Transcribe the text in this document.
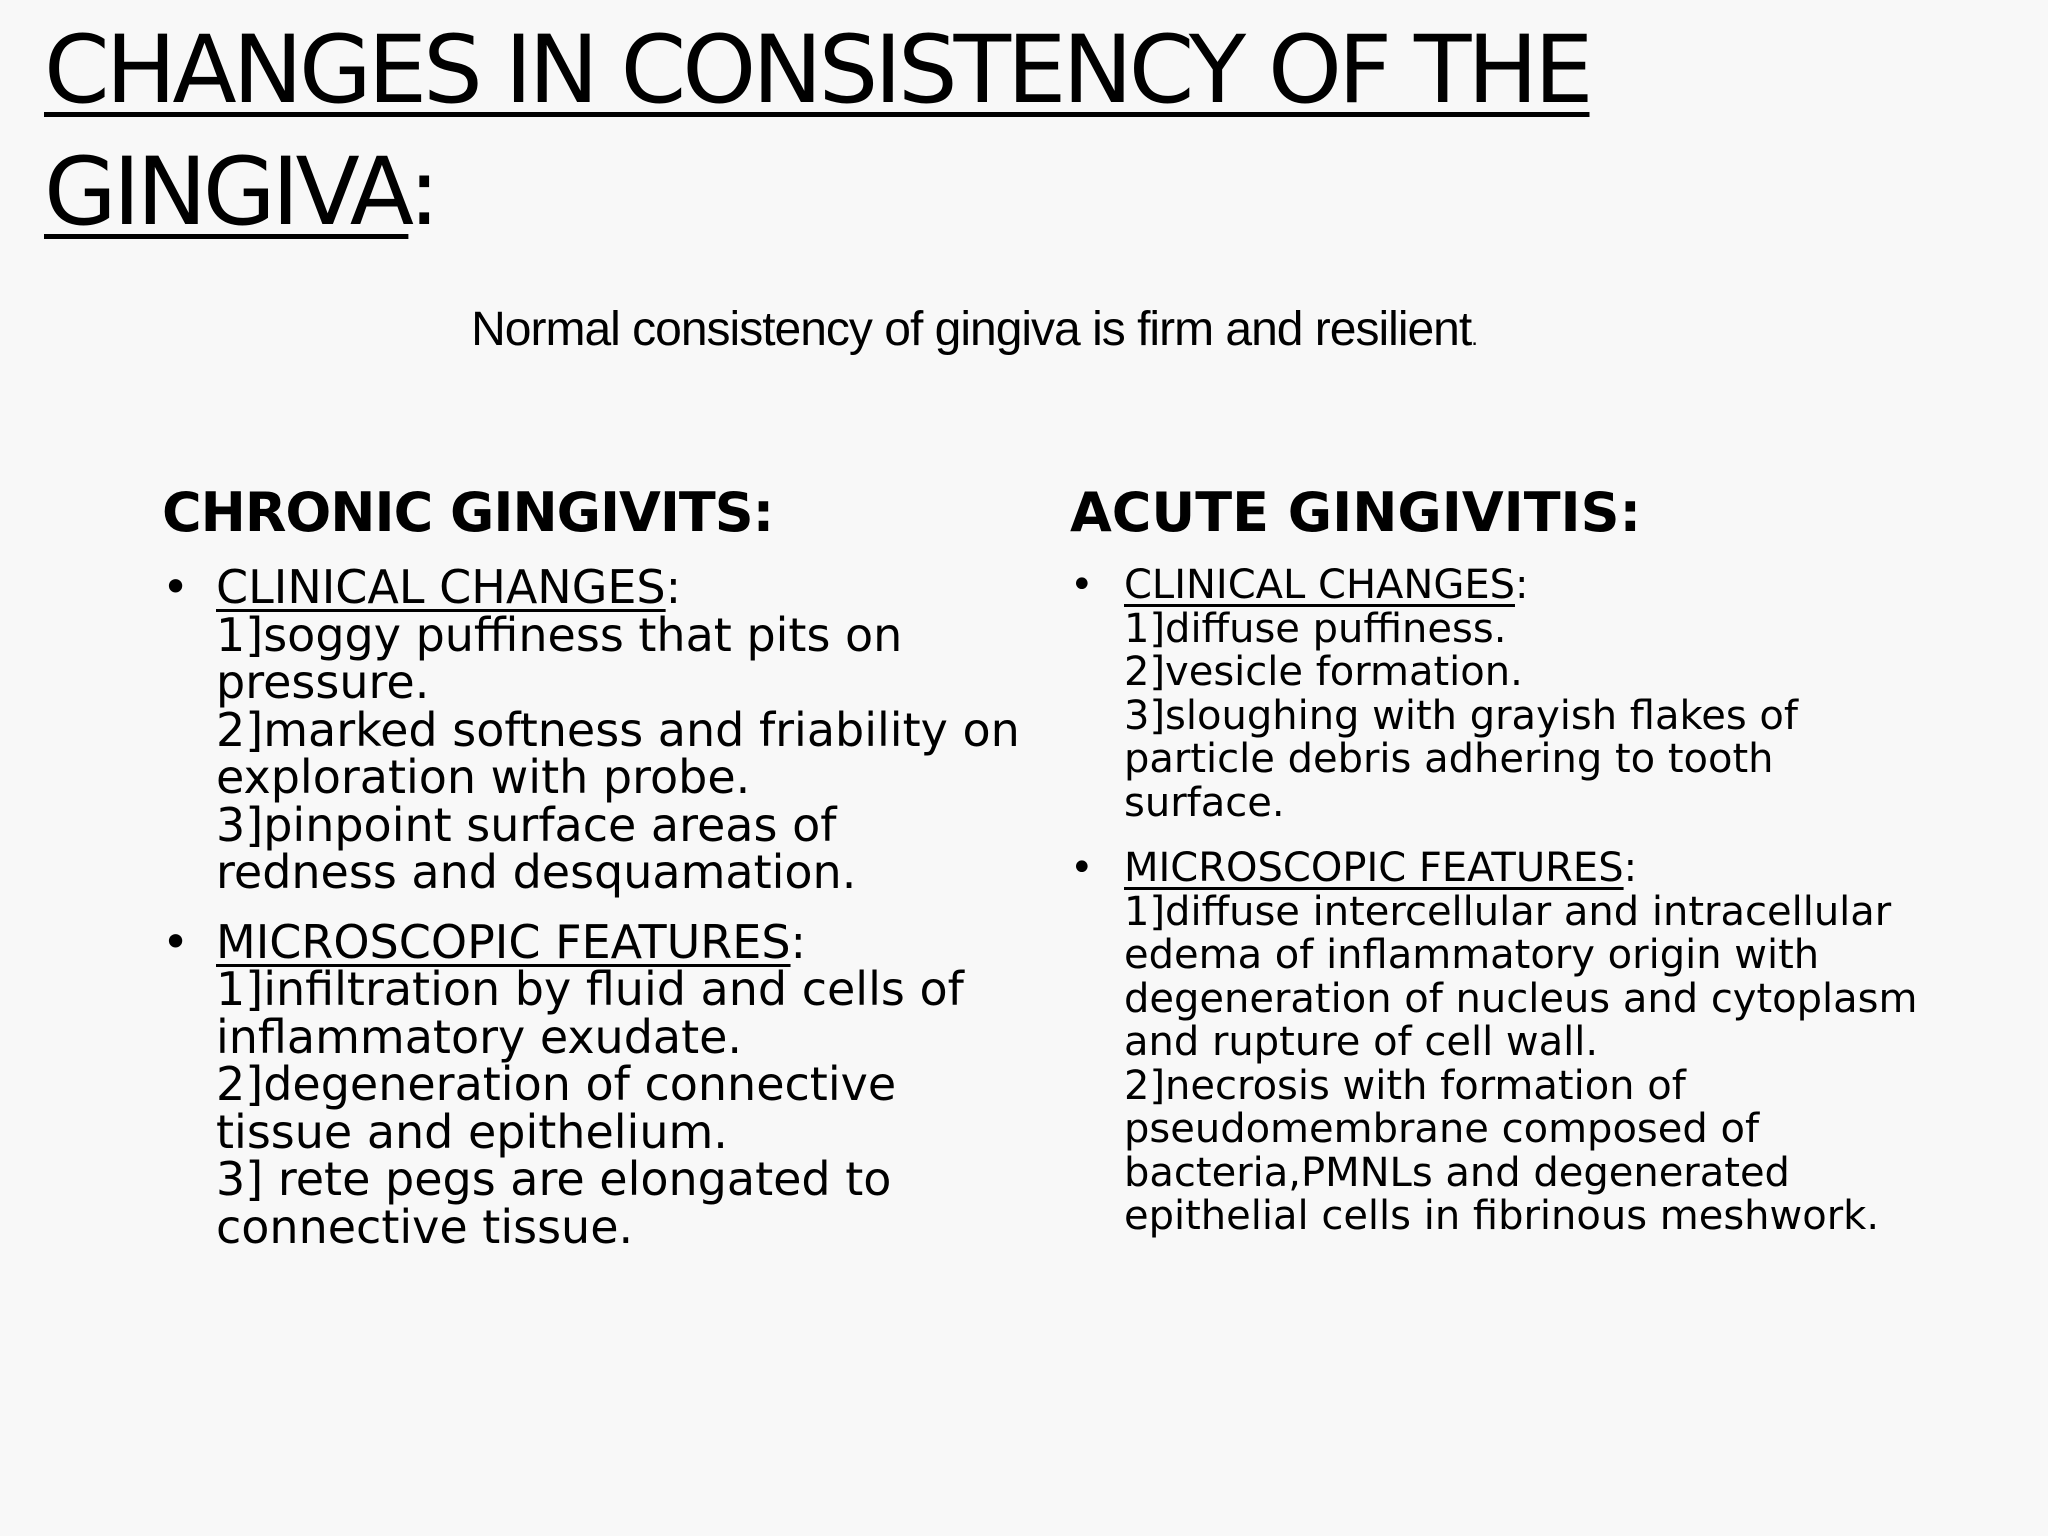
CHANGES IN CONSISTENCY OF THE
GINGIVA:
Normal consistency of gingiva is firm and resilient.
CHRONIC GINGIVITS:
• CLINICAL CHANGES:
1]soggy puffiness that pits on pressure.
2]marked softness and friability on exploration with probe.
3]pinpoint surface areas of redness and desquamation.
• MICROSCOPIC FEATURES:
1]infiltration by fluid and cells of inflammatory exudate.
2]degeneration of connective tissue and epithelium.
3] rete pegs are elongated to connective tissue.
ACUTE GINGIVITIS:
• CLINICAL CHANGES:
1]diffuse puffiness.
2]vesicle formation.
3]sloughing with grayish flakes of particle debris adhering to tooth surface.
• MICROSCOPIC FEATURES:
1]diffuse intercellular and intracellular edema of inflammatory origin with degeneration of nucleus and cytoplasm and rupture of cell wall.
2]necrosis with formation of pseudomembrane composed of bacteria,PMNLs and degenerated epithelial cells in fibrinous meshwork.
